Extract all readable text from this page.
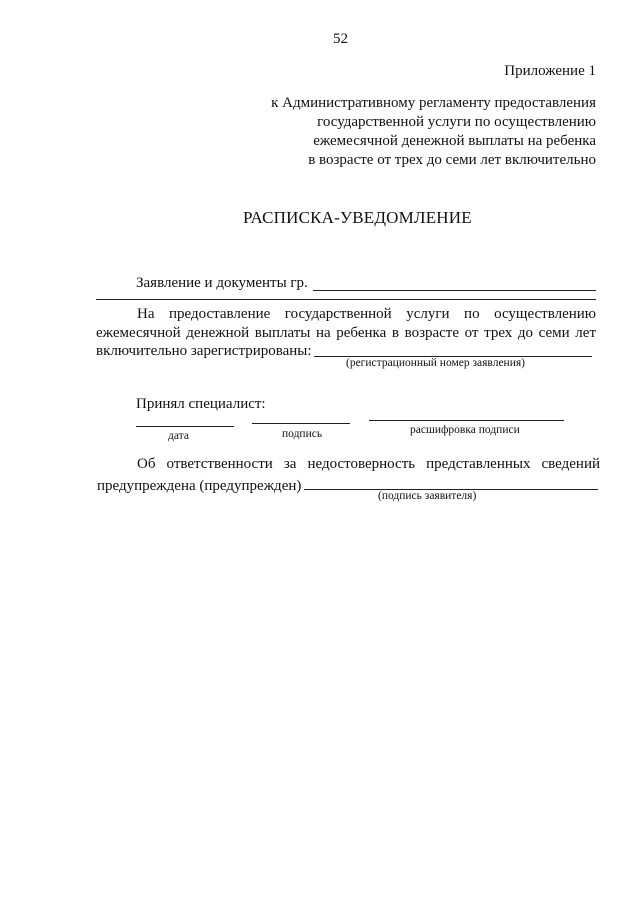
52
Приложение 1
к Административному регламенту предоставления
государственной услуги по осуществлению
ежемесячной денежной выплаты на ребенка
в возрасте от трех до семи лет включительно
РАСПИСКА-УВЕДОМЛЕНИЕ
Заявление и документы гр.
На предоставление государственной услуги по осуществлению
ежемесячной денежной выплаты на ребенка в возрасте от трех до семи лет
включительно зарегистрированы:
(регистрационный номер заявления)
Принял специалист:
дата	подпись	расшифровка подписи
Об ответственности за недостоверность представленных сведений
предупреждена (предупрежден)
(подпись заявителя)
